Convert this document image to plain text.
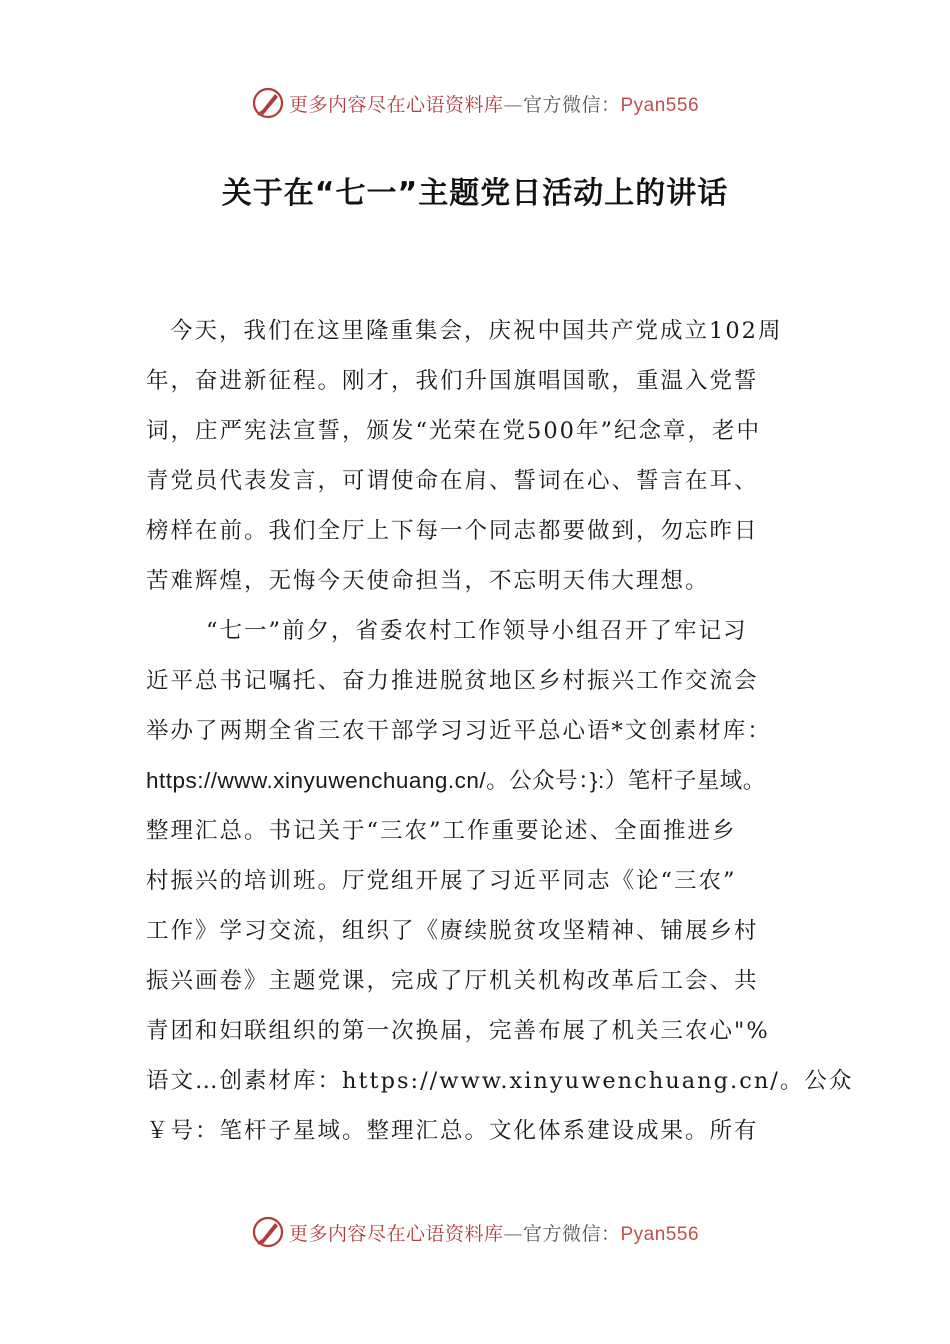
更多内容尽在心语资料库—官方微信：Pyan556
关于在“七一”主题党日活动上的讲话
今天，我们在这里隆重集会，庆祝中国共产党成立102周
年，奋进新征程。刚才，我们升国旗唱国歌，重温入党誓
词，庄严宪法宣誓，颁发“光荣在党500年”纪念章，老中
青党员代表发言，可谓使命在肩、誓词在心、誓言在耳、
榜样在前。我们全厅上下每一个同志都要做到，勿忘昨日
苦难辉煌，无悔今天使命担当，不忘明天伟大理想。
“七一”前夕，省委农村工作领导小组召开了牢记习
近平总书记嘱托、奋力推进脱贫地区乡村振兴工作交流会
举办了两期全省三农干部学习习近平总心语*文创素材库：
https://www.xinyuwenchuang.cn/。公众号：}:）笔杆子星域。
整理汇总。书记关于“三农”工作重要论述、全面推进乡
村振兴的培训班。厅党组开展了习近平同志《论“三农”
工作》学习交流，组织了《赓续脱贫攻坚精神、铺展乡村
振兴画卷》主题党课，完成了厅机关机构改革后工会、共
青团和妇联组织的第一次换届，完善布展了机关三农心"%
语文…创素材库：https://www.xinyuwenchuang.cn/。公众
￥号：笔杆子星域。整理汇总。文化体系建设成果。所有
更多内容尽在心语资料库—官方微信：Pyan556
